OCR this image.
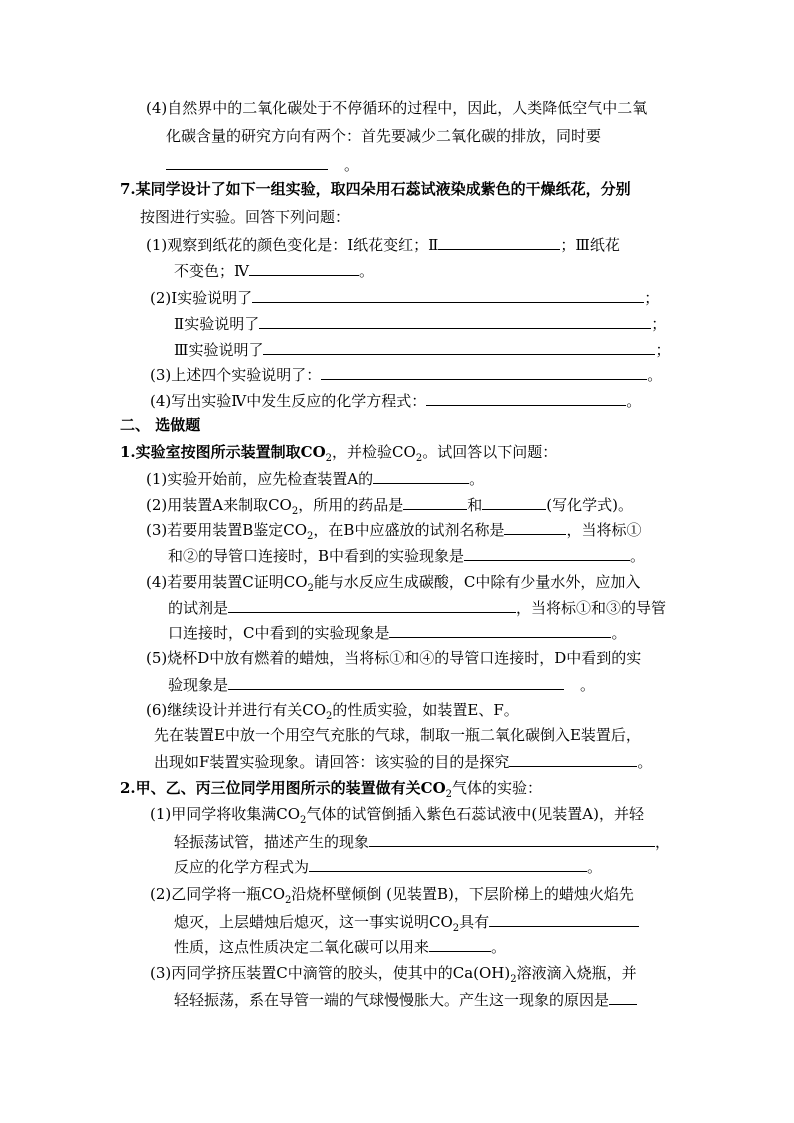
(4)自然界中的二氧化碳处于不停循环的过程中，因此，人类降低空气中二氧
化碳含量的研究方向有两个：首先要减少二氧化碳的排放，同时要
。
7.某同学设计了如下一组实验，取四朵用石蕊试液染成紫色的干燥纸花，分别
按图进行实验。回答下列问题：
(1)观察到纸花的颜色变化是：Ⅰ纸花变红；Ⅱ	；Ⅲ纸花
不变色；Ⅳ	。
(2)Ⅰ实验说明了	；
Ⅱ实验说明了	；
Ⅲ实验说明了	；
(3)上述四个实验说明了：	。
(4)写出实验Ⅳ中发生反应的化学方程式：	。
二、 选做题
1.实验室按图所示装置制取$CO_2$，并检验$CO_2$。试回答以下问题：
(1)实验开始前，应先检查装置A的	。
(2)用装置A来制取$CO_2$，所用的药品是	和	(写化学式)。
(3)若要用装置B鉴定$CO_2$，在B中应盛放的试剂名称是	，当将标①
和②的导管口连接时，B中看到的实验现象是	。
(4)若要用装置C证明$CO_2$能与水反应生成碳酸，C中除有少量水外，应加入
的试剂是	，当将标①和③的导管
口连接时，C中看到的实验现象是	。
(5)烧杯D中放有燃着的蜡烛，当将标①和④的导管口连接时，D中看到的实
验现象是	。
(6)继续设计并进行有关$CO_2$的性质实验，如装置E、F。
先在装置E中放一个用空气充胀的气球，制取一瓶二氧化碳倒入E装置后，
出现如F装置实验现象。请回答：该实验的目的是探究	。
2.甲、乙、丙三位同学用图所示的装置做有关$CO_2$气体的实验：
(1)甲同学将收集满$CO_2$气体的试管倒插入紫色石蕊试液中(见装置A)，并轻
轻振荡试管，描述产生的现象	，
反应的化学方程式为	。
(2)乙同学将一瓶$CO_2$沿烧杯壁倾倒 (见装置B)，下层阶梯上的蜡烛火焰先
熄灭，上层蜡烛后熄灭，这一事实说明$CO_2$具有
性质，这点性质决定二氧化碳可以用来	。
(3)丙同学挤压装置C中滴管的胶头，使其中的$Ca(OH)_2$溶液滴入烧瓶，并
轻轻振荡，系在导管一端的气球慢慢胀大。产生这一现象的原因是
